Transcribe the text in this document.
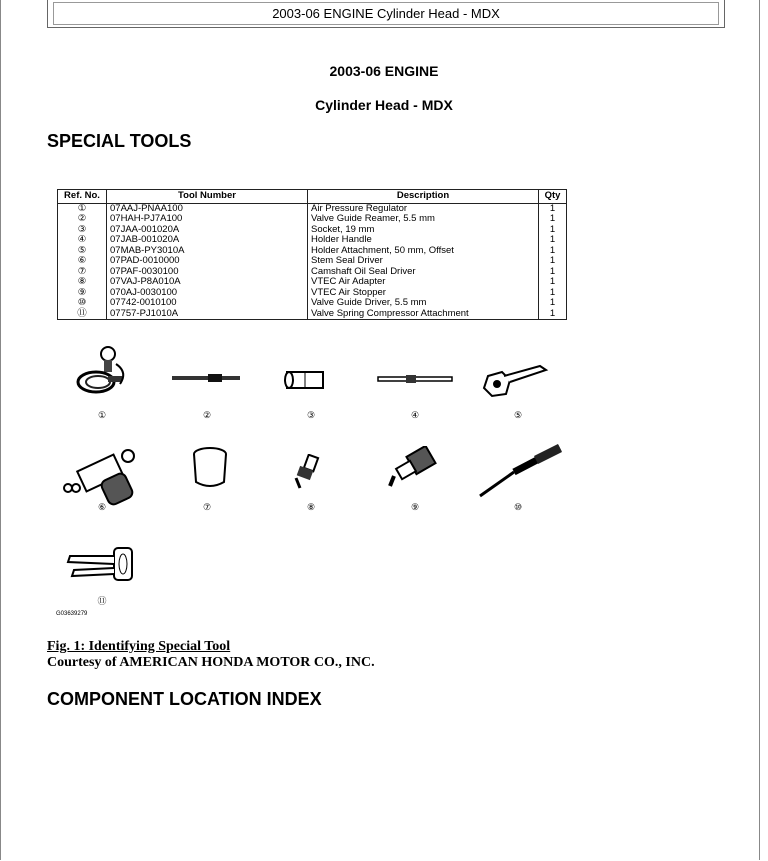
2003-06 ENGINE Cylinder Head - MDX
2003-06 ENGINE
Cylinder Head - MDX
SPECIAL TOOLS
Ref. No.	Tool Number	Description	Qty
①	07AAJ-PNAA100	Air Pressure Regulator	1
②	07HAH-PJ7A100	Valve Guide Reamer, 5.5 mm	1
③	07JAA-001020A	Socket, 19 mm	1
④	07JAB-001020A	Holder Handle	1
⑤	07MAB-PY3010A	Holder Attachment, 50 mm, Offset	1
⑥	07PAD-0010000	Stem Seal Driver	1
⑦	07PAF-0030100	Camshaft Oil Seal Driver	1
⑧	07VAJ-P8A010A	VTEC Air Adapter	1
⑨	070AJ-0030100	VTEC Air Stopper	1
⑩	07742-0010100	Valve Guide Driver, 5.5 mm	1
⑪	07757-PJ1010A	Valve Spring Compressor Attachment	1
①	②	③	④	⑤
⑥	⑦	⑧	⑨	⑩
⑪
G03639279
Fig. 1: Identifying Special Tool
Courtesy of AMERICAN HONDA MOTOR CO., INC.
COMPONENT LOCATION INDEX
